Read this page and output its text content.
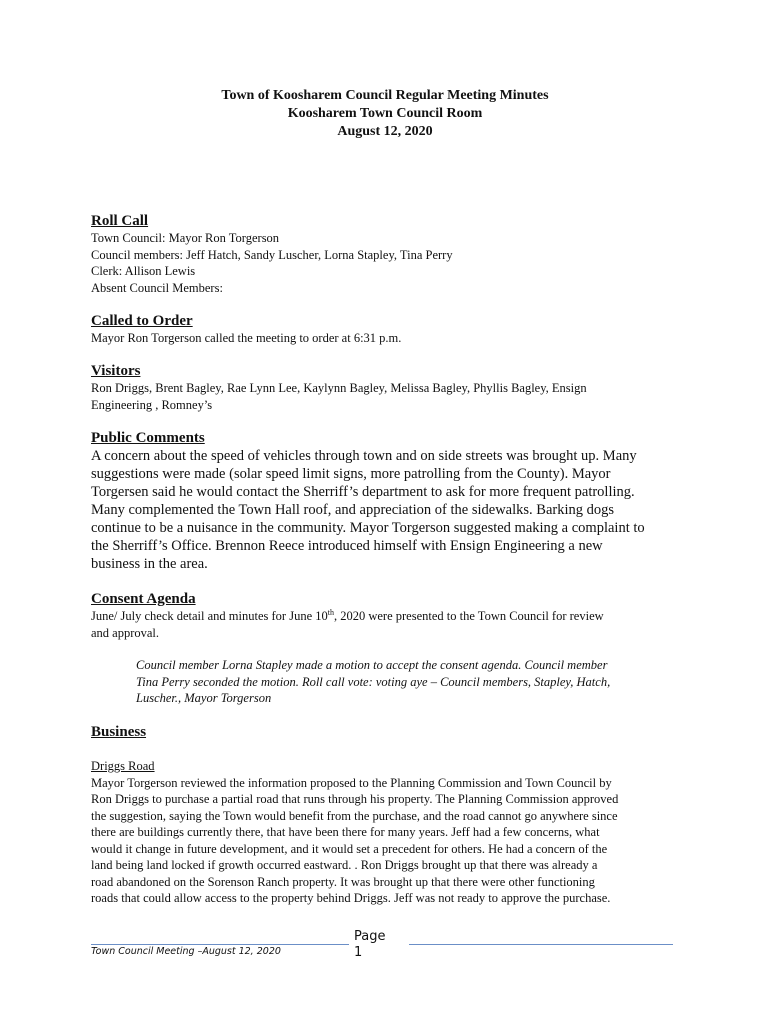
Town of Koosharem Council Regular Meeting Minutes
Koosharem Town Council Room
August 12, 2020

Roll Call

Town Council: Mayor Ron Torgerson

Council members: Jeff Hatch, Sandy Luscher, Lorna Stapley, Tina Perry

Clerk: Allison Lewis

Absent Council Members:

Called to Order

Mayor Ron Torgerson called the meeting to order at 6:31 p.m.

Visitors

Ron Driggs, Brent Bagley, Rae Lynn Lee, Kaylynn Bagley, Melissa Bagley, Phyllis Bagley, Ensign

Engineering , Romney’s

Public Comments

A concern about the speed of vehicles through town and on side streets was brought up. Many

suggestions were made (solar speed limit signs, more patrolling from the County). Mayor

Torgersen said he would contact the Sherriff’s department to ask for more frequent patrolling.

Many complemented the Town Hall roof, and appreciation of the sidewalks. Barking dogs

continue to be a nuisance in the community. Mayor Torgerson suggested making a complaint to

the Sherriff’s Office. Brennon Reece introduced himself with Ensign Engineering a new

business in the area.

Consent Agenda

June/ July check detail and minutes for June 10th, 2020 were presented to the Town Council for review

and approval.

Council member Lorna Stapley made a motion to accept the consent agenda. Council member

Tina Perry seconded the motion. Roll call vote: voting aye – Council members, Stapley, Hatch,

Luscher., Mayor Torgerson

Business

Driggs Road

Mayor Torgerson reviewed the information proposed to the Planning Commission and Town Council by

Ron Driggs to purchase a partial road that runs through his property. The Planning Commission approved

the suggestion, saying the Town would benefit from the purchase, and the road cannot go anywhere since

there are buildings currently there, that have been there for many years. Jeff had a few concerns, what

would it change in future development, and it would set a precedent for others. He had a concern of the

land being land locked if growth occurred eastward. . Ron Driggs brought up that there was already a

road abandoned on the Sorenson Ranch property. It was brought up that there were other functioning

roads that could allow access to the property behind Driggs. Jeff was not ready to approve the purchase.

Town Council Meeting –August 12, 2020
Page
1
